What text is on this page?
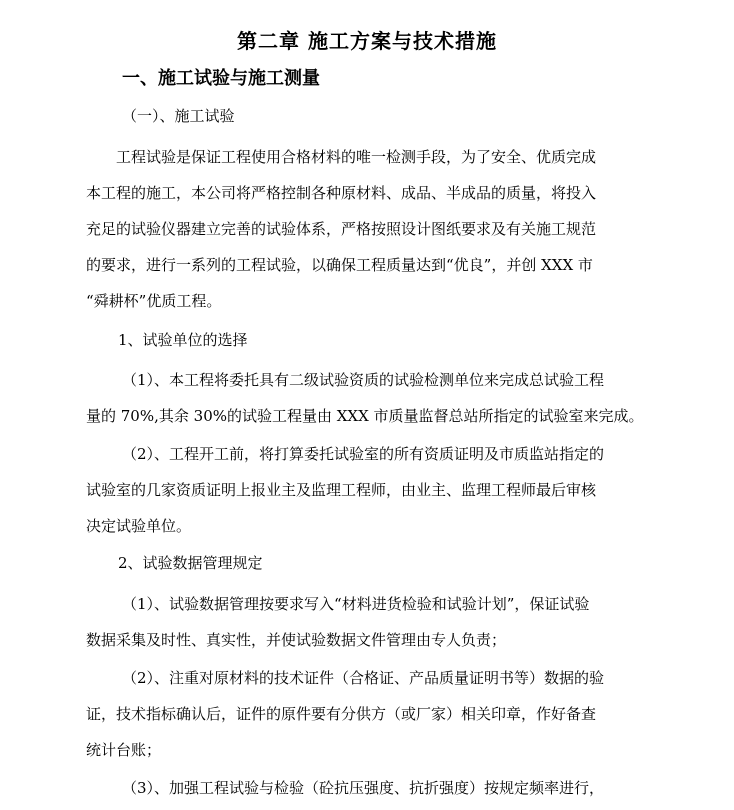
第二章 施工方案与技术措施
一、施工试验与施工测量
（一）、施工试验
工程试验是保证工程使用合格材料的唯一检测手段，为了安全、优质完成
本工程的施工，本公司将严格控制各种原材料、成品、半成品的质量，将投入
充足的试验仪器建立完善的试验体系，严格按照设计图纸要求及有关施工规范
的要求，进行一系列的工程试验，以确保工程质量达到“优良”，并创 XXX 市
“舜耕杯”优质工程。
1、试验单位的选择
（1）、本工程将委托具有二级试验资质的试验检测单位来完成总试验工程
量的 70%,其余 30%的试验工程量由 XXX 市质量监督总站所指定的试验室来完成。
（2）、工程开工前，将打算委托试验室的所有资质证明及市质监站指定的
试验室的几家资质证明上报业主及监理工程师，由业主、监理工程师最后审核
决定试验单位。
2、试验数据管理规定
（1）、试验数据管理按要求写入“材料进货检验和试验计划”，保证试验
数据采集及时性、真实性，并使试验数据文件管理由专人负责；
（2）、注重对原材料的技术证件（合格证、产品质量证明书等）数据的验
证，技术指标确认后，证件的原件要有分供方（或厂家）相关印章，作好备查
统计台账；
（3）、加强工程试验与检验（砼抗压强度、抗折强度）按规定频率进行，
